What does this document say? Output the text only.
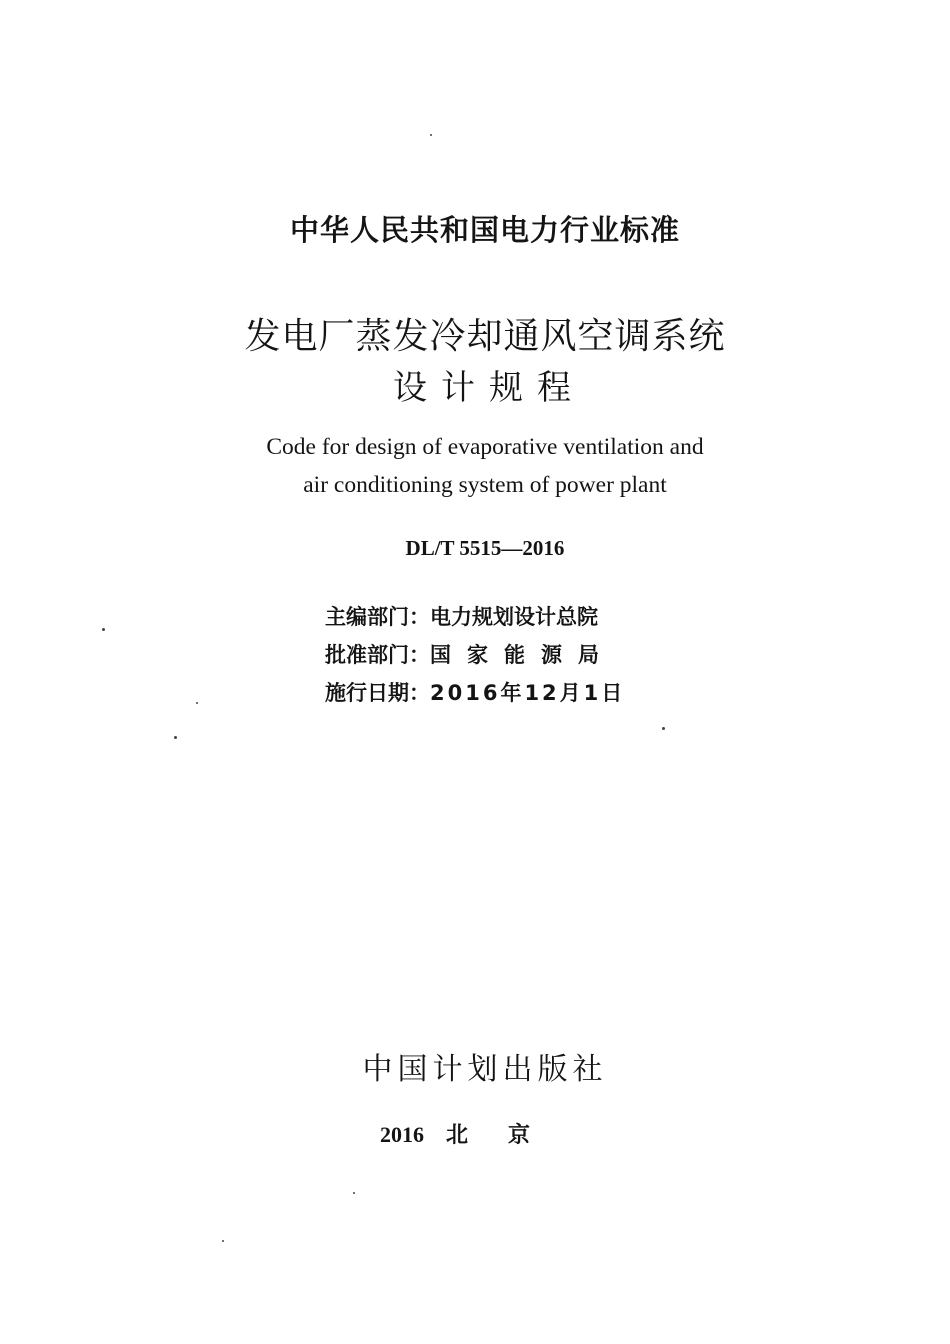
中华人民共和国电力行业标准
发电厂蒸发冷却通风空调系统
设计规程
Code for design of evaporative ventilation and
air conditioning system of power plant
DL/T 5515—2016
主编部门：电力规划设计总院
批准部门：国家能源局
施行日期：2016年12月1日
中国计划出版社
2016 北京
